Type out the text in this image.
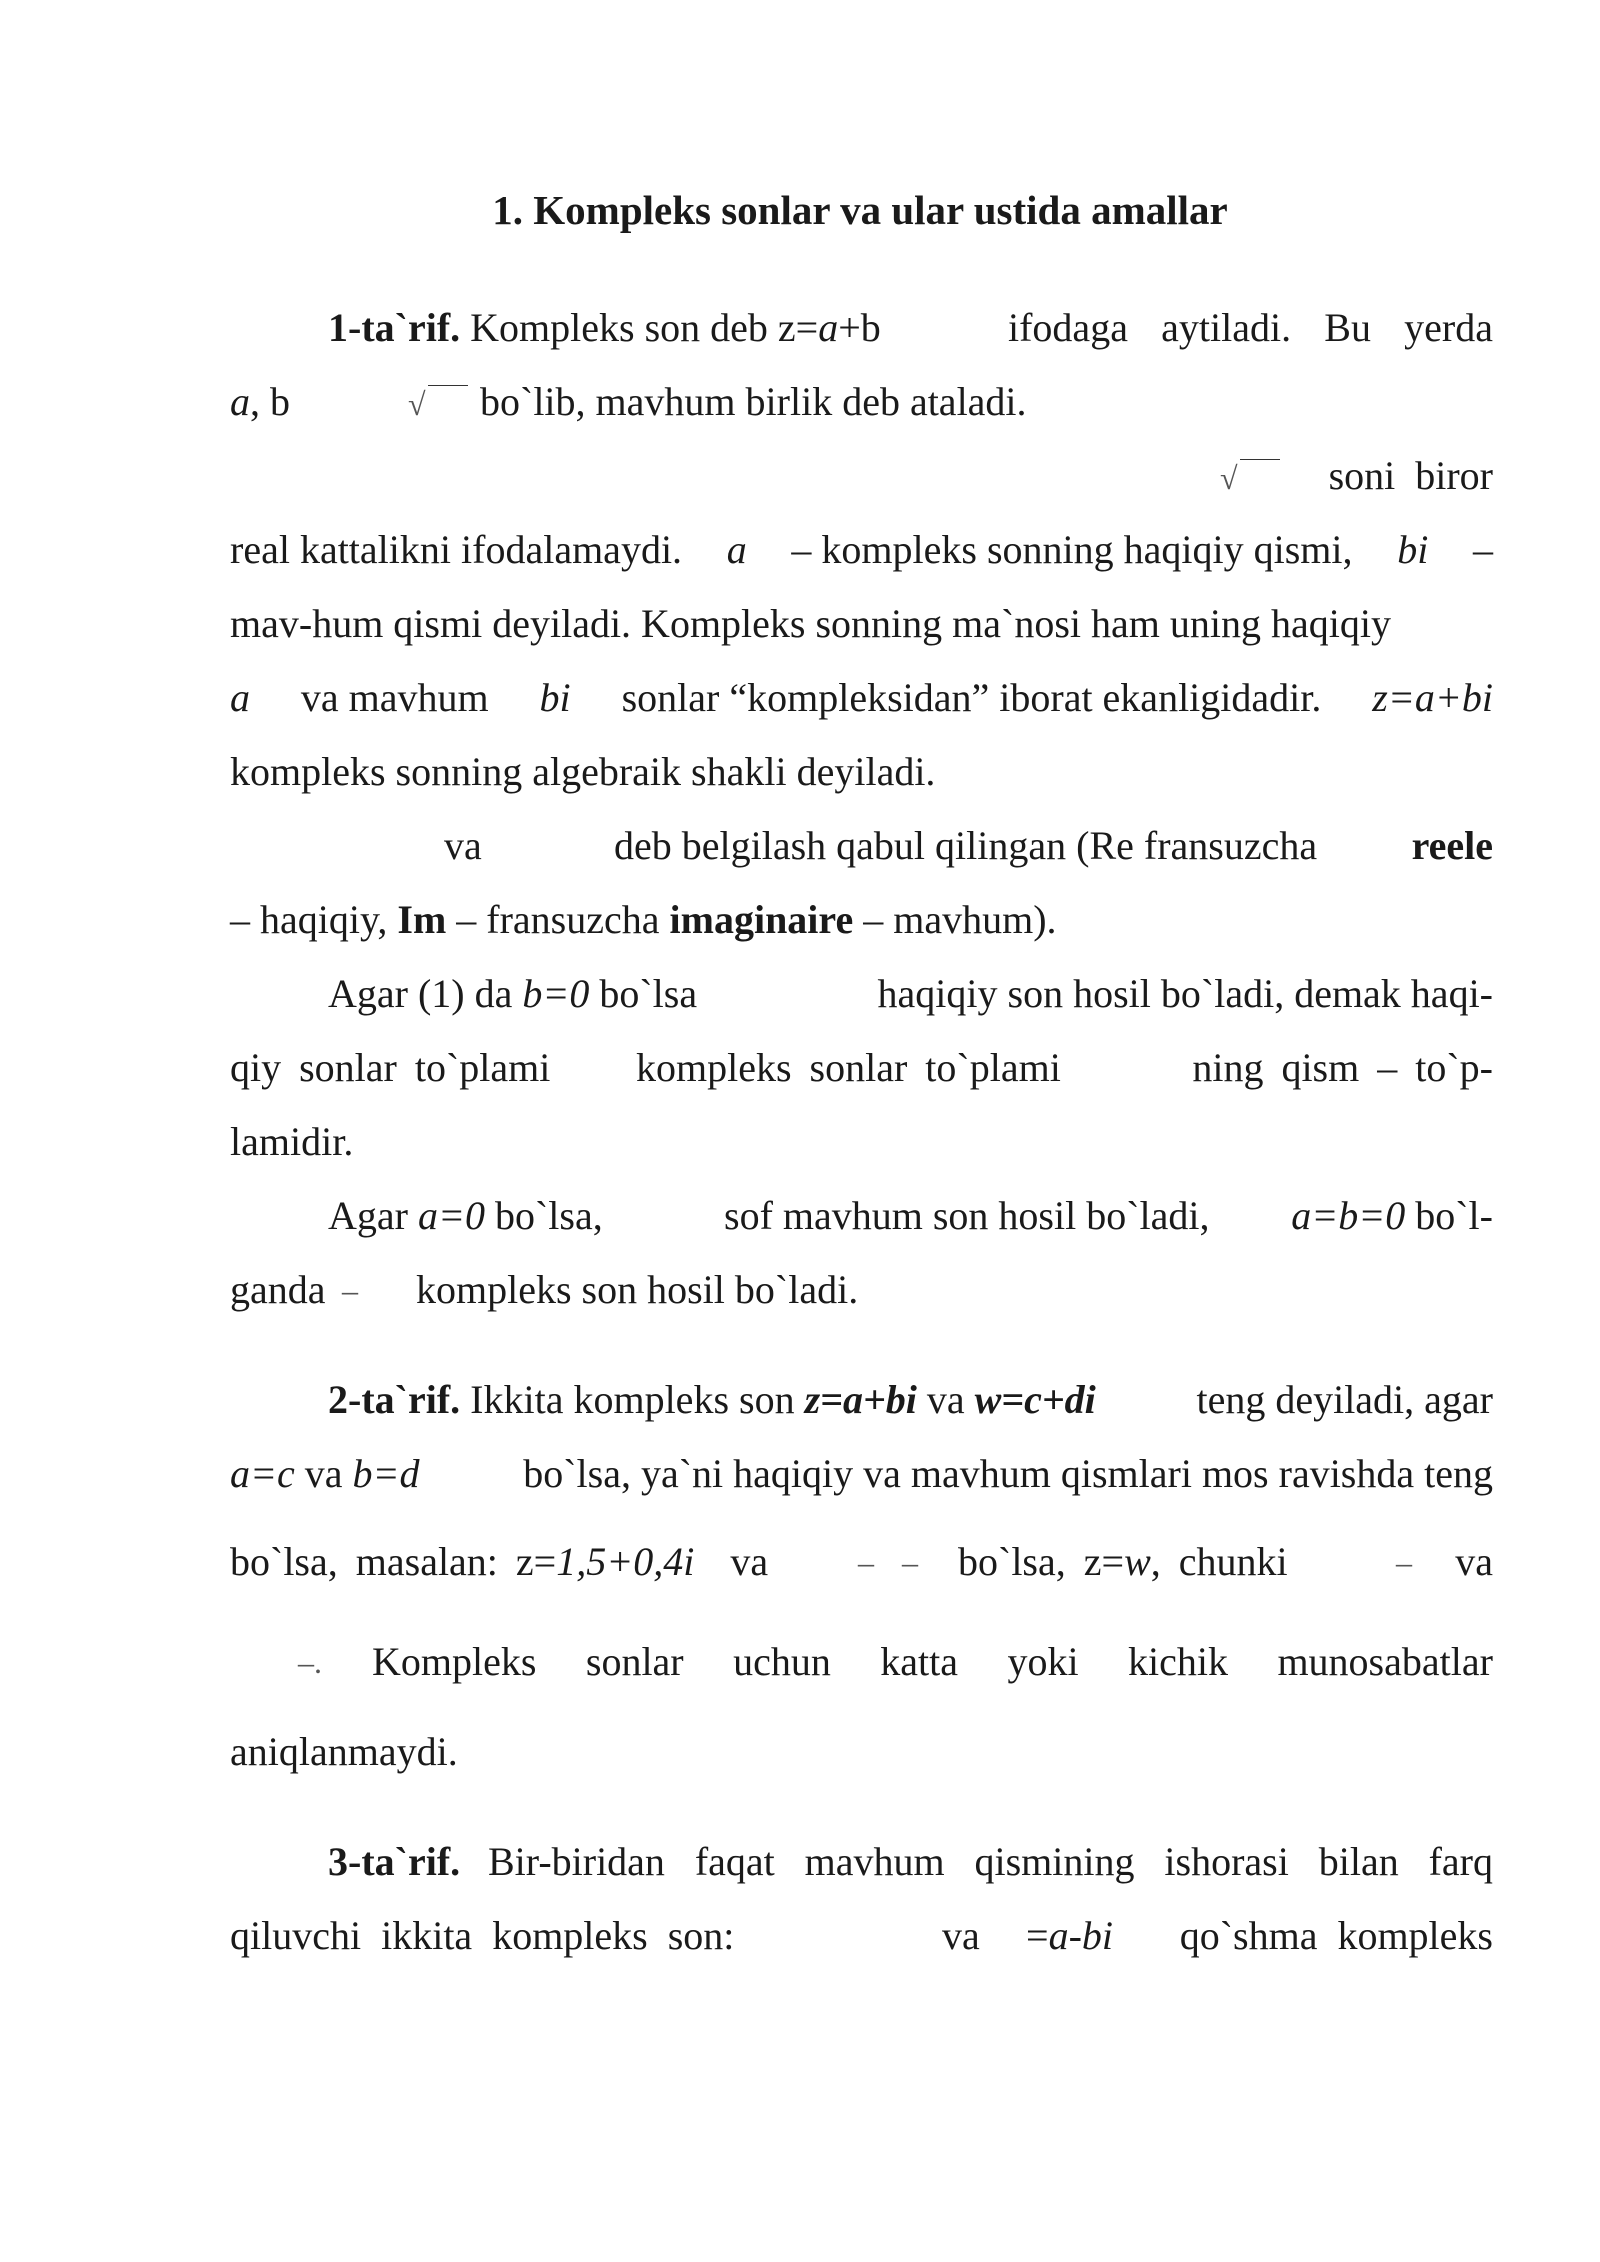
1. Kompleks sonlar va ular ustida amallar
1-ta`rif. Kompleks son deb z=a+b	ifodaga aytiladi. Bu yerda
a, b	√	bo`lib, mavhum birlik deb ataladi.
√	soni biror
real kattalikni ifodalamaydi. a – kompleks sonning haqiqiy qismi, bi –
mav-hum qismi deyiladi. Kompleks sonning ma`nosi ham uning haqiqiy
a va mavhum bi sonlar “kompleksidan” iborat ekanligidadir. z=a+bi
kompleks sonning algebraik shakli deyiladi.
va	deb belgilash qabul qilingan (Re fransuzcha reele
– haqiqiy, Im – fransuzcha imaginaire – mavhum).
Agar (1) da b=0 bo`lsa	haqiqiy son hosil bo`ladi, demak haqi-
qiy sonlar to`plami kompleks sonlar to`plami	ning qism – to`p-
lamidir.
Agar a=0 bo`lsa,	sof mavhum son hosil bo`ladi, a=b=0 bo`l-
ganda – kompleks son hosil bo`ladi.
2-ta`rif. Ikkita kompleks son z=a+bi va w=c+di	teng deyiladi, agar
a=c va b=d	bo`lsa, ya`ni haqiqiy va mavhum qismlari mos ravishda teng
bo`lsa, masalan: z=1,5+0,4i va	– – bo`lsa, z=w, chunki	– va
–. Kompleks sonlar uchun katta yoki kichik munosabatlar
aniqlanmaydi.
3-ta`rif. Bir-biridan faqat mavhum qismining ishorasi bilan farq
qiluvchi ikkita kompleks son:	va =a-bi qo`shma kompleks
